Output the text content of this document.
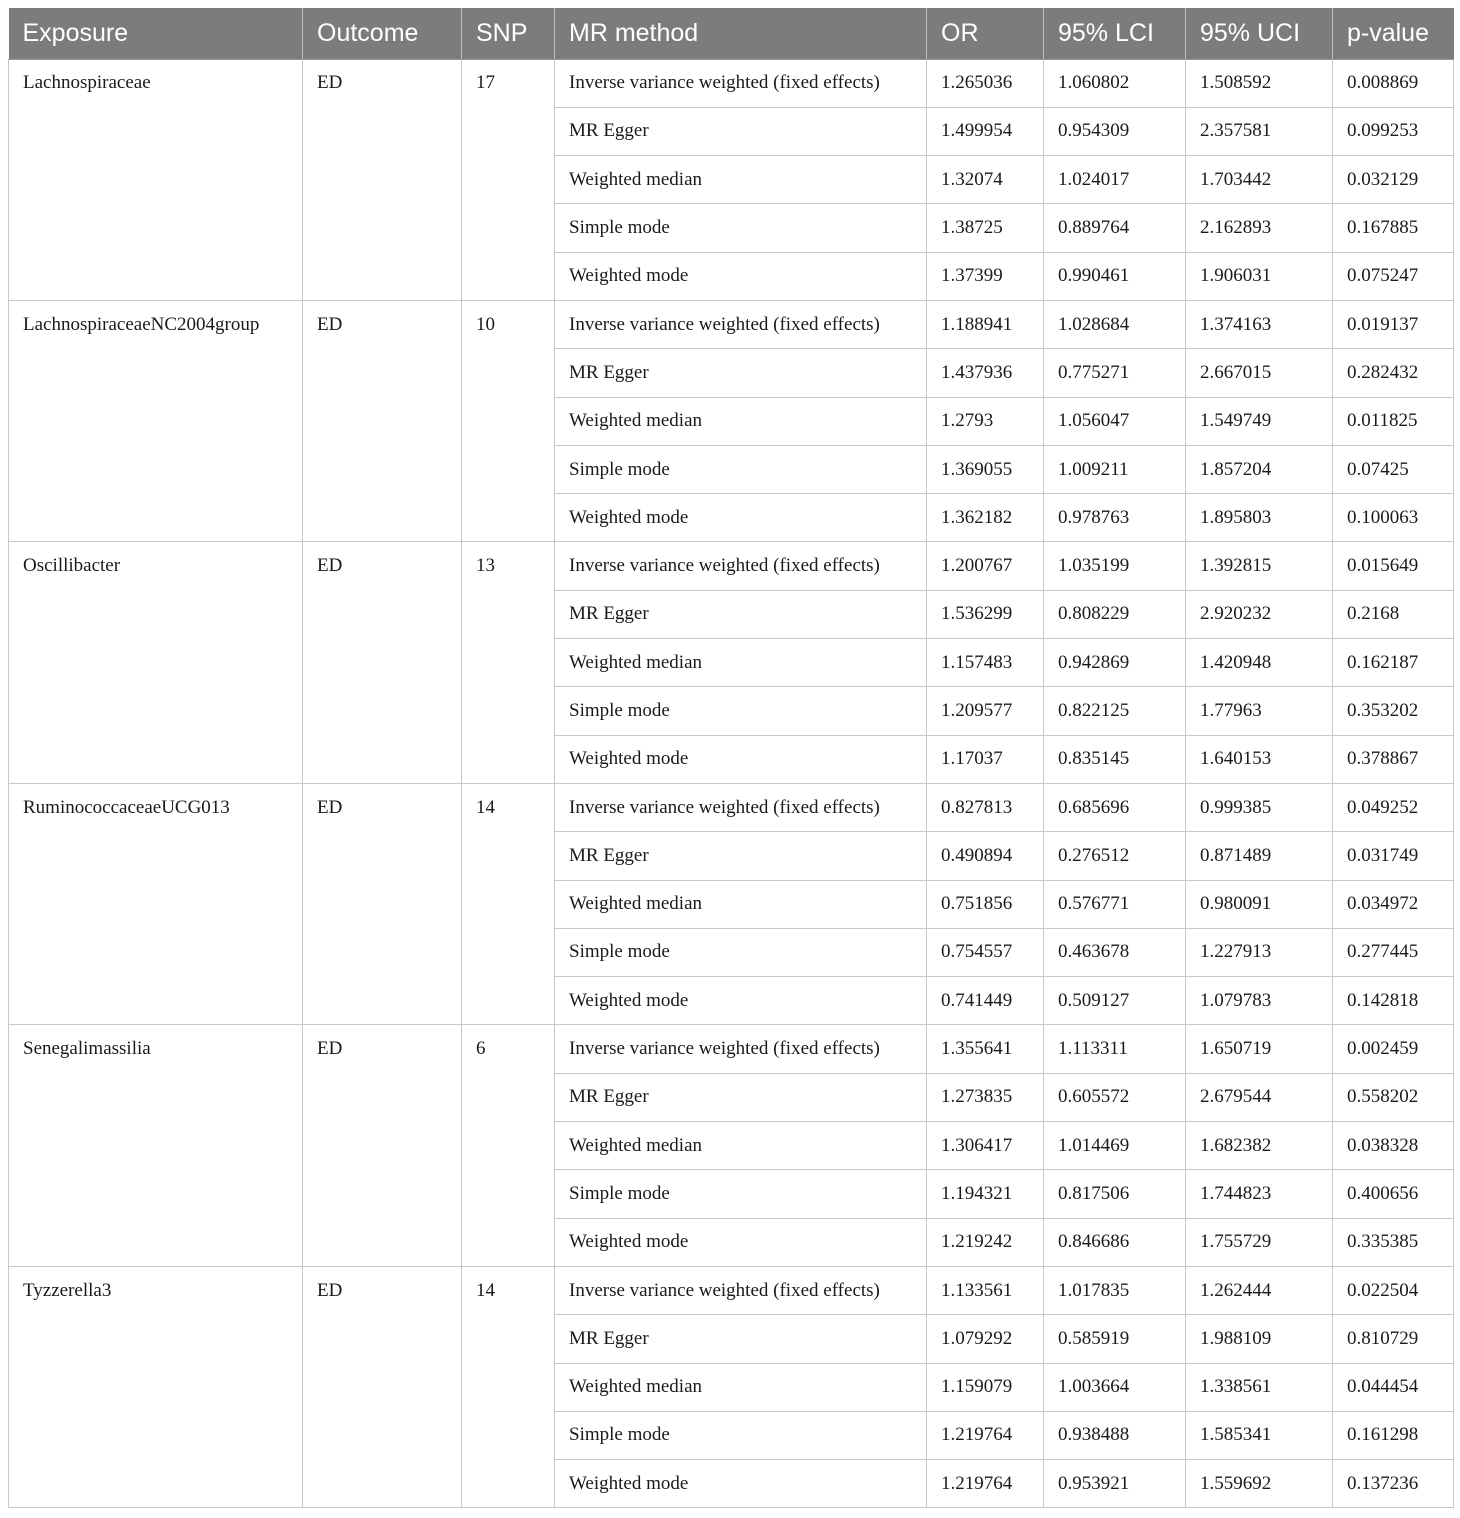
Exposure	Outcome	SNP	MR method	OR	95% LCI	95% UCI	p-value
Lachnospiraceae	ED	17	Inverse variance weighted (fixed effects)	1.265036	1.060802	1.508592	0.008869
			MR Egger	1.499954	0.954309	2.357581	0.099253
			Weighted median	1.32074	1.024017	1.703442	0.032129
			Simple mode	1.38725	0.889764	2.162893	0.167885
			Weighted mode	1.37399	0.990461	1.906031	0.075247
LachnospiraceaeNC2004group	ED	10	Inverse variance weighted (fixed effects)	1.188941	1.028684	1.374163	0.019137
			MR Egger	1.437936	0.775271	2.667015	0.282432
			Weighted median	1.2793	1.056047	1.549749	0.011825
			Simple mode	1.369055	1.009211	1.857204	0.07425
			Weighted mode	1.362182	0.978763	1.895803	0.100063
Oscillibacter	ED	13	Inverse variance weighted (fixed effects)	1.200767	1.035199	1.392815	0.015649
			MR Egger	1.536299	0.808229	2.920232	0.2168
			Weighted median	1.157483	0.942869	1.420948	0.162187
			Simple mode	1.209577	0.822125	1.77963	0.353202
			Weighted mode	1.17037	0.835145	1.640153	0.378867
RuminococcaceaeUCG013	ED	14	Inverse variance weighted (fixed effects)	0.827813	0.685696	0.999385	0.049252
			MR Egger	0.490894	0.276512	0.871489	0.031749
			Weighted median	0.751856	0.576771	0.980091	0.034972
			Simple mode	0.754557	0.463678	1.227913	0.277445
			Weighted mode	0.741449	0.509127	1.079783	0.142818
Senegalimassilia	ED	6	Inverse variance weighted (fixed effects)	1.355641	1.113311	1.650719	0.002459
			MR Egger	1.273835	0.605572	2.679544	0.558202
			Weighted median	1.306417	1.014469	1.682382	0.038328
			Simple mode	1.194321	0.817506	1.744823	0.400656
			Weighted mode	1.219242	0.846686	1.755729	0.335385
Tyzzerella3	ED	14	Inverse variance weighted (fixed effects)	1.133561	1.017835	1.262444	0.022504
			MR Egger	1.079292	0.585919	1.988109	0.810729
			Weighted median	1.159079	1.003664	1.338561	0.044454
			Simple mode	1.219764	0.938488	1.585341	0.161298
			Weighted mode	1.219764	0.953921	1.559692	0.137236
